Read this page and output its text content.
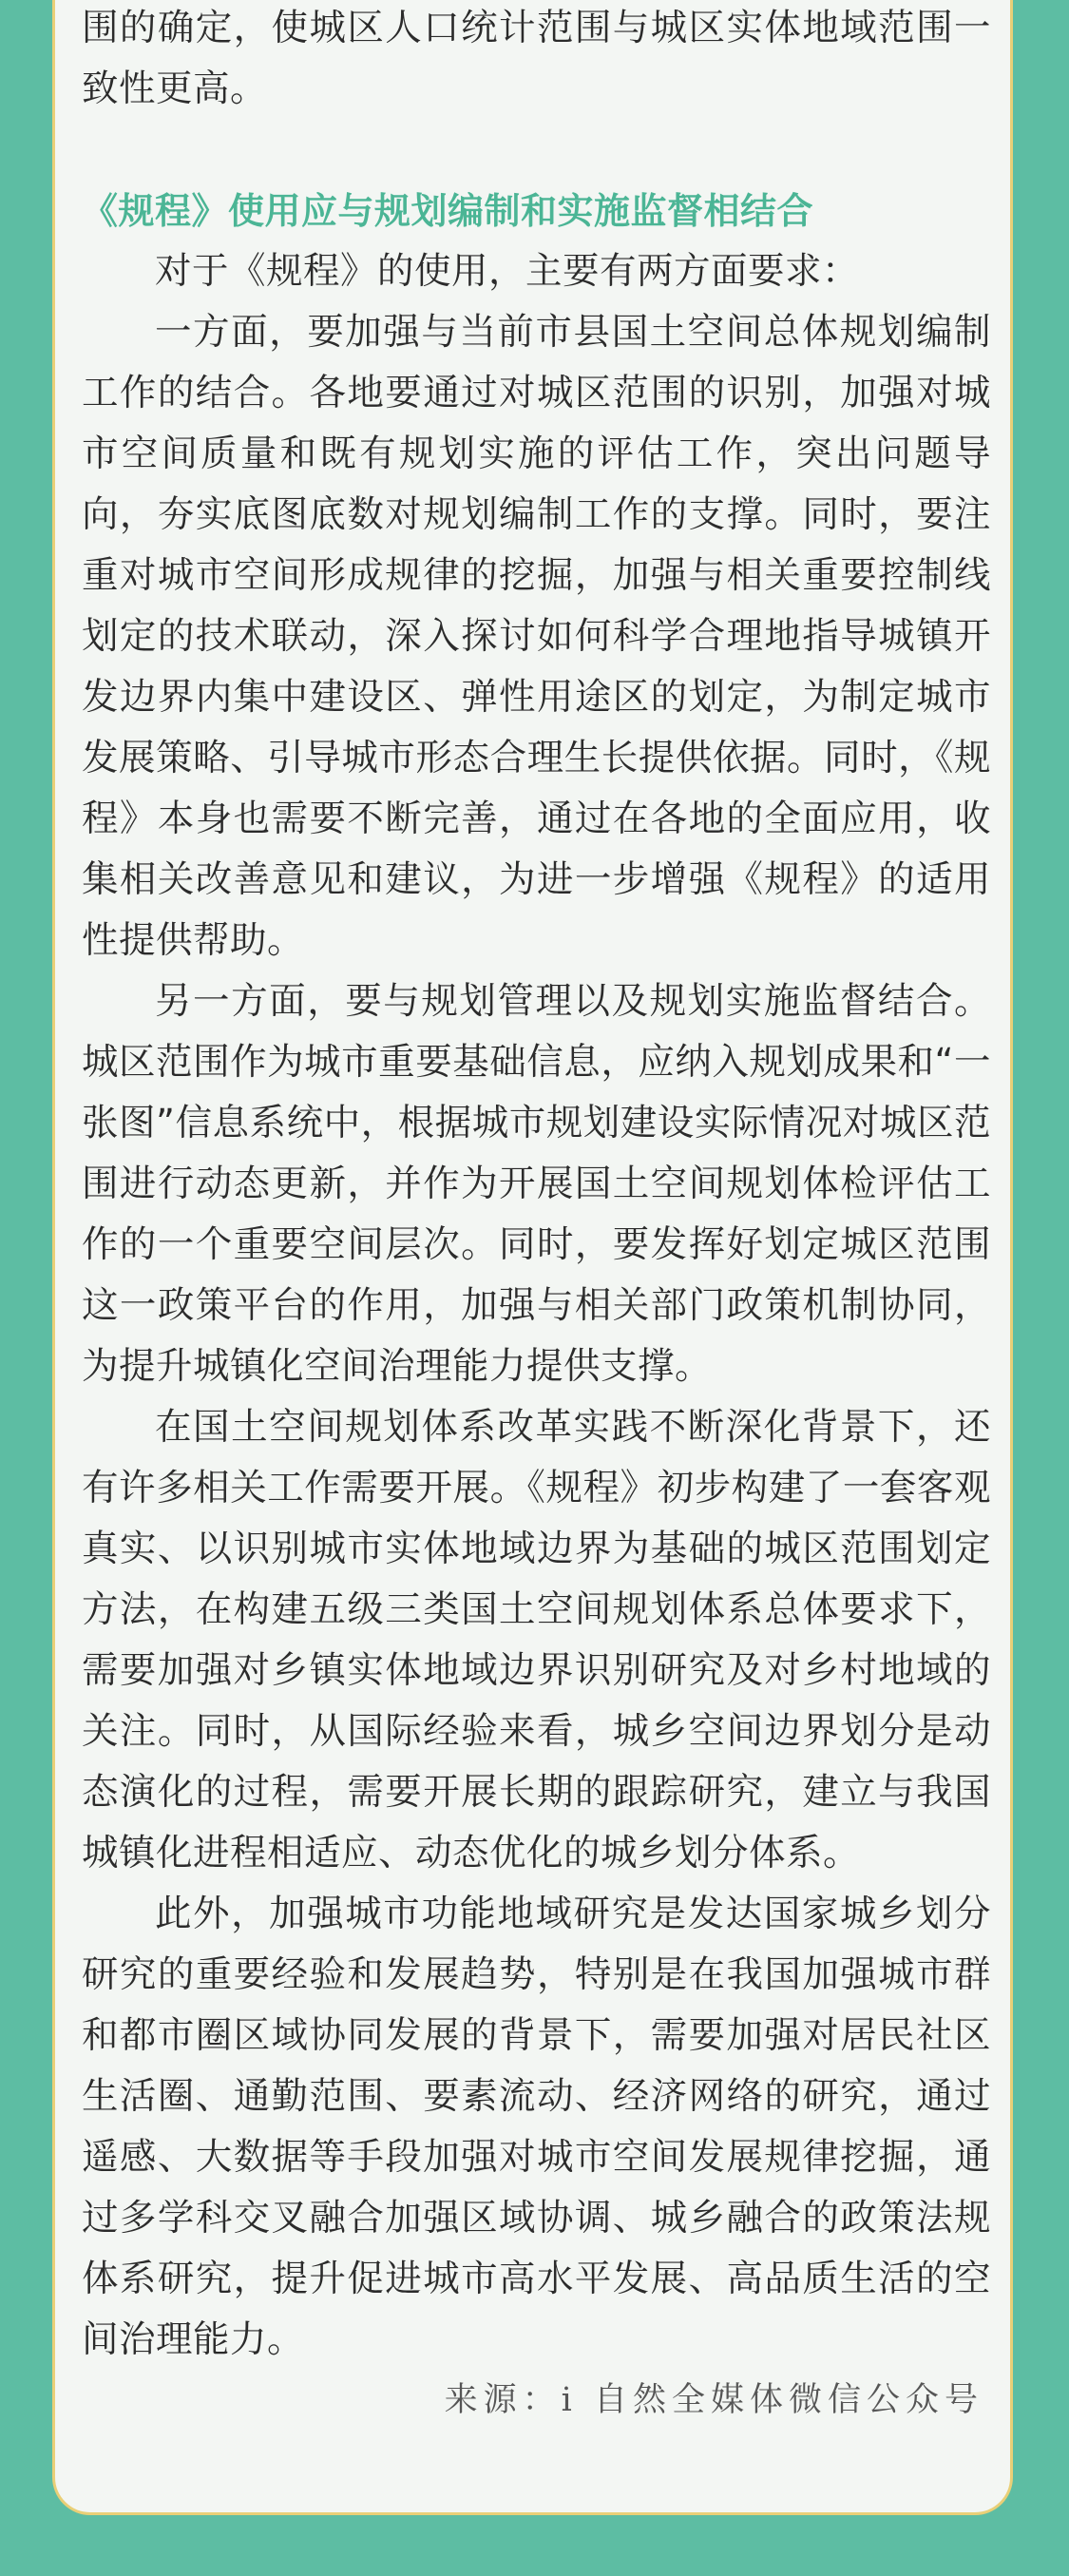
围的确定，使城区人口统计范围与城区实体地域范围一致性更高。

《规程》使用应与规划编制和实施监督相结合

对于《规程》的使用，主要有两方面要求：

一方面，要加强与当前市县国土空间总体规划编制工作的结合。各地要通过对城区范围的识别，加强对城市空间质量和既有规划实施的评估工作，突出问题导向，夯实底图底数对规划编制工作的支撑。同时，要注重对城市空间形成规律的挖掘，加强与相关重要控制线划定的技术联动，深入探讨如何科学合理地指导城镇开发边界内集中建设区、弹性用途区的划定，为制定城市发展策略、引导城市形态合理生长提供依据。同时，《规程》本身也需要不断完善，通过在各地的全面应用，收集相关改善意见和建议，为进一步增强《规程》的适用性提供帮助。

另一方面，要与规划管理以及规划实施监督结合。城区范围作为城市重要基础信息，应纳入规划成果和“一张图”信息系统中，根据城市规划建设实际情况对城区范围进行动态更新，并作为开展国土空间规划体检评估工作的一个重要空间层次。同时，要发挥好划定城区范围这一政策平台的作用，加强与相关部门政策机制协同，为提升城镇化空间治理能力提供支撑。

在国土空间规划体系改革实践不断深化背景下，还有许多相关工作需要开展。《规程》初步构建了一套客观真实、以识别城市实体地域边界为基础的城区范围划定方法，在构建五级三类国土空间规划体系总体要求下，需要加强对乡镇实体地域边界识别研究及对乡村地域的关注。同时，从国际经验来看，城乡空间边界划分是动态演化的过程，需要开展长期的跟踪研究，建立与我国城镇化进程相适应、动态优化的城乡划分体系。

此外，加强城市功能地域研究是发达国家城乡划分研究的重要经验和发展趋势，特别是在我国加强城市群和都市圈区域协同发展的背景下，需要加强对居民社区生活圈、通勤范围、要素流动、经济网络的研究，通过遥感、大数据等手段加强对城市空间发展规律挖掘，通过多学科交叉融合加强区域协调、城乡融合的政策法规体系研究，提升促进城市高水平发展、高品质生活的空间治理能力。

来源：i 自然全媒体微信公众号
